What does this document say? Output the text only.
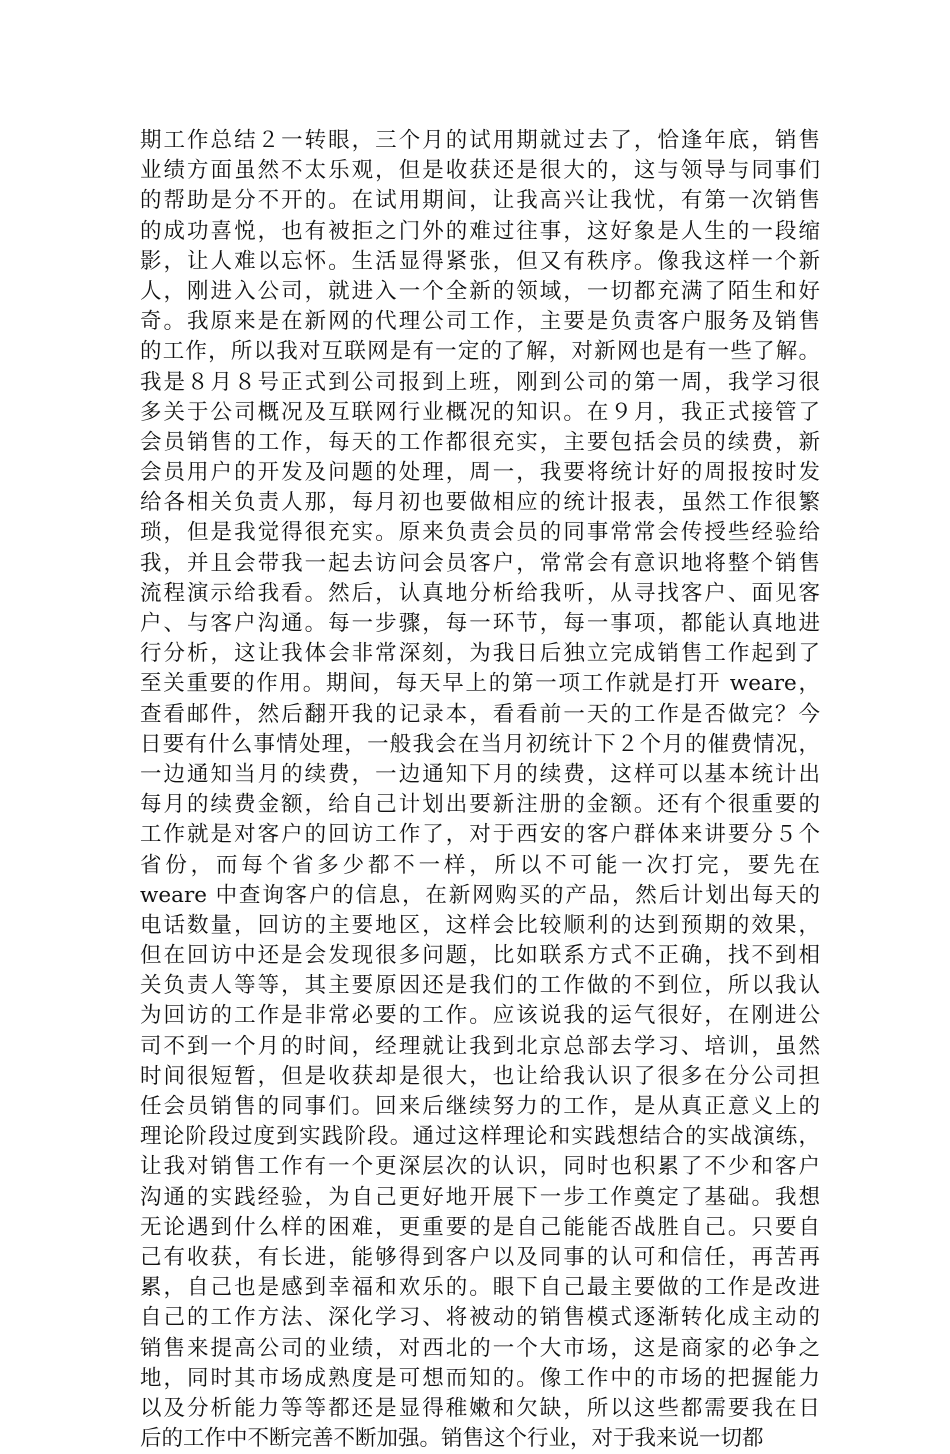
期工作总结２一转眼，三个月的试用期就过去了，恰逢年底，销售
业绩方面虽然不太乐观，但是收获还是很大的，这与领导与同事们
的帮助是分不开的。在试用期间，让我高兴让我忧，有第一次销售
的成功喜悦，也有被拒之门外的难过往事，这好象是人生的一段缩
影，让人难以忘怀。生活显得紧张，但又有秩序。像我这样一个新
人，刚进入公司，就进入一个全新的领域，一切都充满了陌生和好
奇。我原来是在新网的代理公司工作，主要是负责客户服务及销售
的工作，所以我对互联网是有一定的了解，对新网也是有一些了解。
我是８月８号正式到公司报到上班，刚到公司的第一周，我学习很
多关于公司概况及互联网行业概况的知识。在９月，我正式接管了
会员销售的工作，每天的工作都很充实，主要包括会员的续费，新
会员用户的开发及问题的处理，周一，我要将统计好的周报按时发
给各相关负责人那，每月初也要做相应的统计报表，虽然工作很繁
琐，但是我觉得很充实。原来负责会员的同事常常会传授些经验给
我，并且会带我一起去访问会员客户，常常会有意识地将整个销售
流程演示给我看。然后，认真地分析给我听，从寻找客户、面见客
户、与客户沟通。每一步骤，每一环节，每一事项，都能认真地进
行分析，这让我体会非常深刻，为我日后独立完成销售工作起到了
至关重要的作用。期间，每天早上的第一项工作就是打开 weare，
查看邮件，然后翻开我的记录本，看看前一天的工作是否做完？今
日要有什么事情处理，一般我会在当月初统计下２个月的催费情况，
一边通知当月的续费，一边通知下月的续费，这样可以基本统计出
每月的续费金额，给自己计划出要新注册的金额。还有个很重要的
工作就是对客户的回访工作了，对于西安的客户群体来讲要分５个
省份，而每个省多少都不一样，所以不可能一次打完，要先在
weare 中查询客户的信息，在新网购买的产品，然后计划出每天的
电话数量，回访的主要地区，这样会比较顺利的达到预期的效果，
但在回访中还是会发现很多问题，比如联系方式不正确，找不到相
关负责人等等，其主要原因还是我们的工作做的不到位，所以我认
为回访的工作是非常必要的工作。应该说我的运气很好，在刚进公
司不到一个月的时间，经理就让我到北京总部去学习、培训，虽然
时间很短暂，但是收获却是很大，也让给我认识了很多在分公司担
任会员销售的同事们。回来后继续努力的工作，是从真正意义上的
理论阶段过度到实践阶段。通过这样理论和实践想结合的实战演练，
让我对销售工作有一个更深层次的认识，同时也积累了不少和客户
沟通的实践经验，为自己更好地开展下一步工作奠定了基础。我想
无论遇到什么样的困难，更重要的是自己能能否战胜自己。只要自
己有收获，有长进，能够得到客户以及同事的认可和信任，再苦再
累，自己也是感到幸福和欢乐的。眼下自己最主要做的工作是改进
自己的工作方法、深化学习、将被动的销售模式逐渐转化成主动的
销售来提高公司的业绩，对西北的一个大市场，这是商家的必争之
地，同时其市场成熟度是可想而知的。像工作中的市场的把握能力
以及分析能力等等都还是显得稚嫩和欠缺，所以这些都需要我在日
后的工作中不断完善不断加强。销售这个行业，对于我来说一切都
